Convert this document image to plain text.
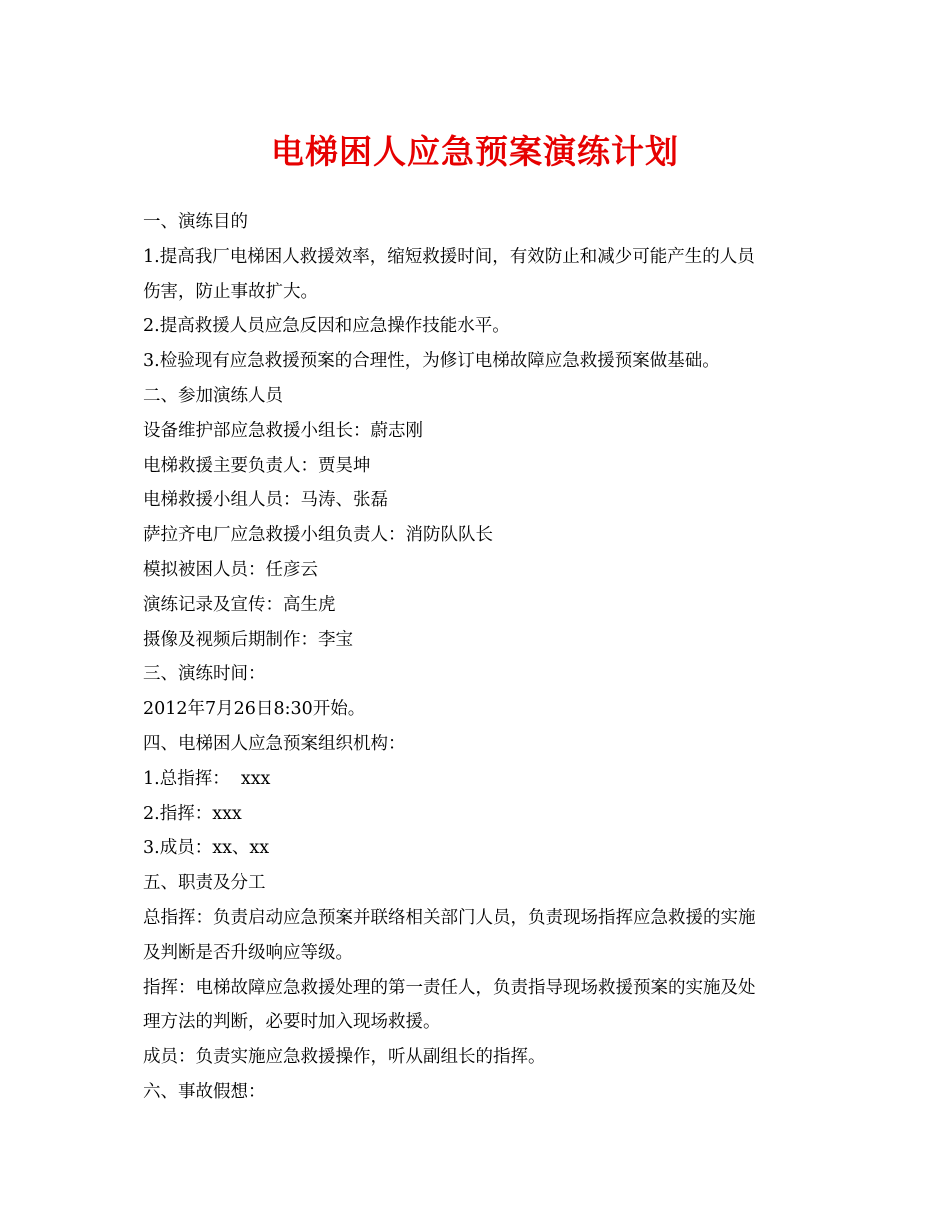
电梯困人应急预案演练计划
一、演练目的
1.提高我厂电梯困人救援效率，缩短救援时间，有效防止和减少可能产生的人员
伤害，防止事故扩大。
2.提高救援人员应急反因和应急操作技能水平。
3.检验现有应急救援预案的合理性，为修订电梯故障应急救援预案做基础。
二、参加演练人员
设备维护部应急救援小组长：蔚志刚
电梯救援主要负责人：贾昊坤
电梯救援小组人员：马涛、张磊
萨拉齐电厂应急救援小组负责人：消防队队长
模拟被困人员：任彦云
演练记录及宣传：高生虎
摄像及视频后期制作：李宝
三、演练时间：
2012年7月26日8:30开始。
四、电梯困人应急预案组织机构：
1.总指挥：  xxx
2.指挥：xxx
3.成员：xx、xx
五、职责及分工
总指挥：负责启动应急预案并联络相关部门人员，负责现场指挥应急救援的实施
及判断是否升级响应等级。
指挥：电梯故障应急救援处理的第一责任人，负责指导现场救援预案的实施及处
理方法的判断，必要时加入现场救援。
成员：负责实施应急救援操作，听从副组长的指挥。
六、事故假想：
